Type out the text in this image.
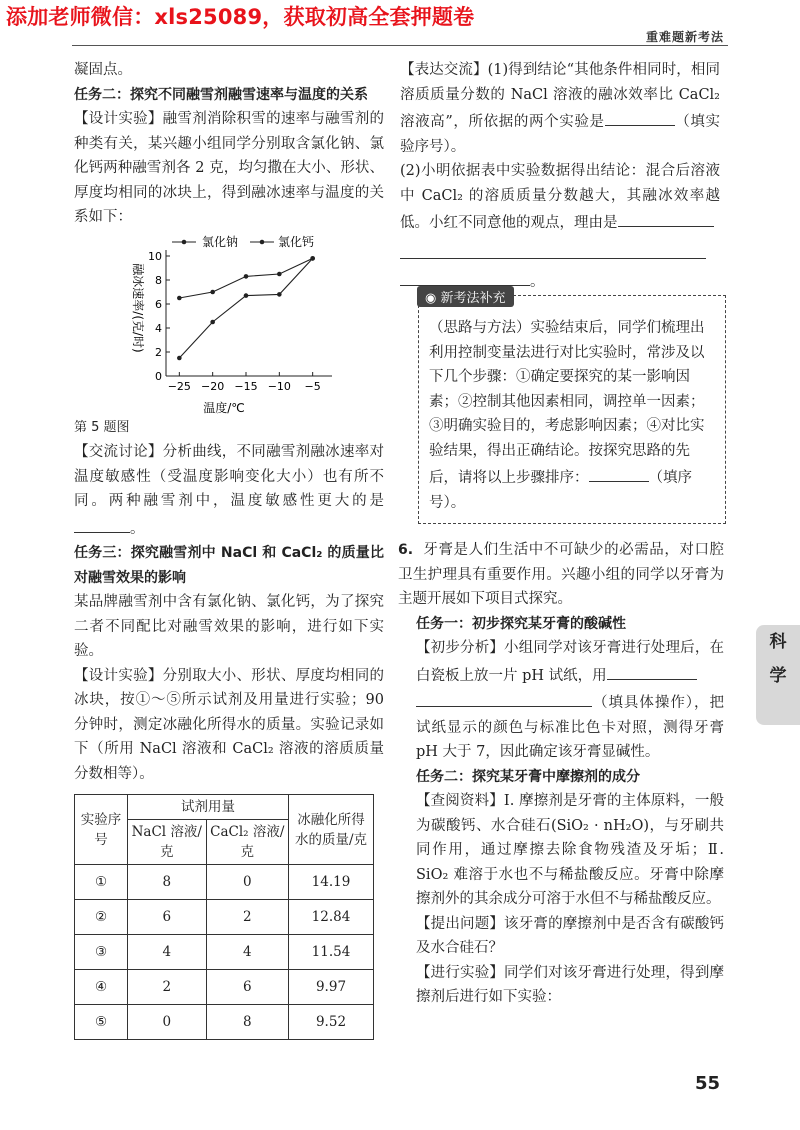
添加老师微信：xls25089，获取初高全套押题卷
重难题新考法

凝固点。

任务二：探究不同融雪剂融雪速率与温度的关系

【设计实验】融雪剂消除积雪的速率与融雪剂的种类有关，某兴趣小组同学分别取含氯化钠、氯化钙两种融雪剂各 2 克，均匀撒在大小、形状、厚度均相同的冰块上，得到融冰速率与温度的关系如下：

0
2
4
6
8
10
−25 −20 −15 −10 −5
温度/℃
融冰速率/(克/时)
氯化钠	氯化钙

第 5 题图

【交流讨论】分析曲线，不同融雪剂融冰速率对温度敏感性（受温度影响变化大小）也有所不同。两种融雪剂中，温度敏感性更大的是。

任务三：探究融雪剂中 NaCl 和 CaCl₂ 的质量比对融雪效果的影响

某品牌融雪剂中含有氯化钠、氯化钙，为了探究二者不同配比对融雪效果的影响，进行如下实验。

【设计实验】分别取大小、形状、厚度均相同的冰块，按①～⑤所示试剂及用量进行实验；90 分钟时，测定冰融化所得水的质量。实验记录如下（所用 NaCl 溶液和 CaCl₂ 溶液的溶质质量分数相等）。

实验序号	试剂用量		冰融化所得水的质量/克
	NaCl 溶液/克	CaCl₂ 溶液/克	
①	8	0	14.19
②	6	2	12.84
③	4	4	11.54
④	2	6	9.97
⑤	0	8	9.52

【表达交流】(1)得到结论“其他条件相同时，相同溶质质量分数的 NaCl 溶液的融冰效率比 CaCl₂ 溶液高”，所依据的两个实验是	（填实验序号）。

(2)小明依据表中实验数据得出结论：混合后溶液中 CaCl₂ 的溶质质量分数越大，其融冰效率越低。小红不同意他的观点，理由是

。

◉ 新考法补充
（思路与方法）实验结束后，同学们梳理出利用控制变量法进行对比实验时，常涉及以下几个步骤：①确定要探究的某一影响因素；②控制其他因素相同，调控单一因素；③明确实验目的，考虑影响因素；④对比实验结果，得出正确结论。按探究思路的先后，请将以上步骤排序：	（填序号）。

6. 牙膏是人们生活中不可缺少的必需品，对口腔卫生护理具有重要作用。兴趣小组的同学以牙膏为主题开展如下项目式探究。

任务一：初步探究某牙膏的酸碱性

【初步分析】小组同学对该牙膏进行处理后，在白瓷板上放一片 pH 试纸，用
（填具体操作），把试纸显示的颜色与标准比色卡对照，测得牙膏 pH 大于 7，因此确定该牙膏显碱性。

任务二：探究某牙膏中摩擦剂的成分

【查阅资料】Ⅰ. 摩擦剂是牙膏的主体原料，一般为碳酸钙、水合硅石(SiO₂ · nH₂O)，与牙刷共同作用，通过摩擦去除食物残渣及牙垢；Ⅱ. SiO₂ 难溶于水也不与稀盐酸反应。牙膏中除摩擦剂外的其余成分可溶于水但不与稀盐酸反应。

【提出问题】该牙膏的摩擦剂中是否含有碳酸钙及水合硅石？

【进行实验】同学们对该牙膏进行处理，得到摩擦剂后进行如下实验：

科
学
55
